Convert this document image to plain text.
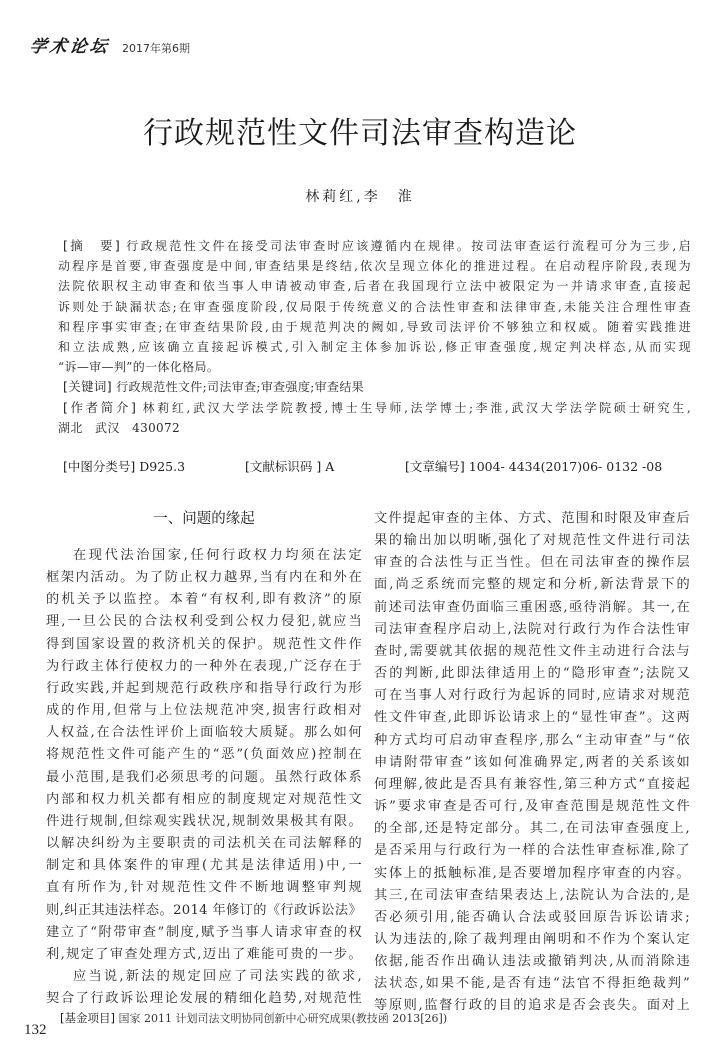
学术论坛 2017年第6期
行政规范性文件司法审查构造论
林莉红,李　淮
[摘　要] 行政规范性文件在接受司法审查时应该遵循内在规律。按司法审查运行流程可分为三步,启
动程序是首要,审查强度是中间,审查结果是终结,依次呈现立体化的推进过程。在启动程序阶段,表现为
法院依职权主动审查和依当事人申请被动审查,后者在我国现行立法中被限定为一并请求审查,直接起
诉则处于缺漏状态;在审查强度阶段,仅局限于传统意义的合法性审查和法律审查,未能关注合理性审查
和程序事实审查;在审查结果阶段,由于规范判决的阙如,导致司法评价不够独立和权威。随着实践推进
和立法成熟,应该确立直接起诉模式,引入制定主体参加诉讼,修正审查强度,规定判决样态,从而实现
“诉—审—判”的一体化格局。
[关键词] 行政规范性文件;司法审查;审查强度;审查结果
[作者简介] 林莉红,武汉大学法学院教授,博士生导师,法学博士;李淮,武汉大学法学院硕士研究生,
湖北　武汉　430072
[中图分类号] D925.3	[文献标识码 ] A	[文章编号] 1004- 4434(2017)06- 0132 -08
一、问题的缘起
在现代法治国家,任何行政权力均须在法定
框架内活动。为了防止权力越界,当有内在和外在
的机关予以监控。本着“有权利,即有救济”的原
理,一旦公民的合法权利受到公权力侵犯,就应当
得到国家设置的救济机关的保护。规范性文件作
为行政主体行使权力的一种外在表现,广泛存在于
行政实践,并起到规范行政秩序和指导行政行为形
成的作用,但常与上位法规范冲突,损害行政相对
人权益,在合法性评价上面临较大质疑。那么如何
将规范性文件可能产生的“恶”(负面效应)控制在
最小范围,是我们必须思考的问题。虽然行政体系
内部和权力机关都有相应的制度规定对规范性文
件进行规制,但综观实践状况,规制效果极其有限。
以解决纠纷为主要职责的司法机关在司法解释的
制定和具体案件的审理(尤其是法律适用)中,一
直有所作为,针对规范性文件不断地调整审判规
则,纠正其违法样态。2014 年修订的《行政诉讼法》
建立了“附带审查”制度,赋予当事人请求审查的权
利,规定了审查处理方式,迈出了难能可贵的一步。
应当说,新法的规定回应了司法实践的欲求,
契合了行政诉讼理论发展的精细化趋势,对规范性
文件提起审查的主体、方式、范围和时限及审查后
果的输出加以明晰,强化了对规范性文件进行司法
审查的合法性与正当性。但在司法审查的操作层
面,尚乏系统而完整的规定和分析,新法背景下的
前述司法审查仍面临三重困惑,亟待消解。其一,在
司法审查程序启动上,法院对行政行为作合法性审
查时,需要就其依据的规范性文件主动进行合法与
否的判断,此即法律适用上的“隐形审查”;法院又
可在当事人对行政行为起诉的同时,应请求对规范
性文件审查,此即诉讼请求上的“显性审查”。这两
种方式均可启动审查程序,那么“主动审查”与“依
申请附带审查”该如何准确界定,两者的关系该如
何理解,彼此是否具有兼容性,第三种方式“直接起
诉”要求审查是否可行,及审查范围是规范性文件
的全部,还是特定部分。其二,在司法审查强度上,
是否采用与行政行为一样的合法性审查标准,除了
实体上的抵触标准,是否要增加程序审查的内容。
其三,在司法审查结果表达上,法院认为合法的,是
否必须引用,能否确认合法或驳回原告诉讼请求;
认为违法的,除了裁判理由阐明和不作为个案认定
依据,能否作出确认违法或撤销判决,从而消除违
法状态,如果不能,是否有违“法官不得拒绝裁判”
等原则,监督行政的目的追求是否会丧失。面对上
[基金项目] 国家 2011 计划司法文明协同创新中心研究成果(教技函 2013[26])
132
